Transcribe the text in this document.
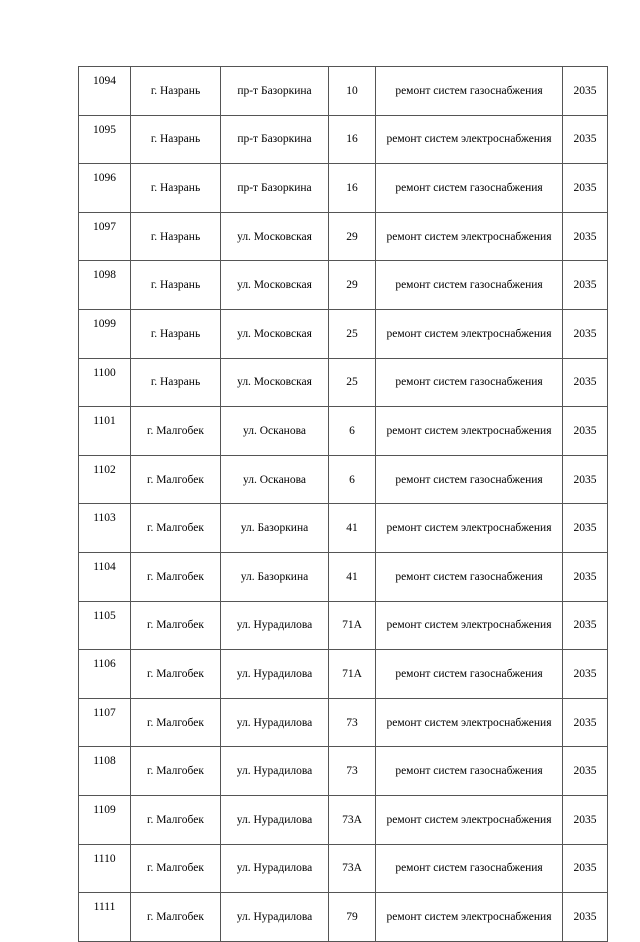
1094	г. Назрань	пр-т Базоркина	10	ремонт систем газоснабжения	2035
1095	г. Назрань	пр-т Базоркина	16	ремонт систем электроснабжения	2035
1096	г. Назрань	пр-т Базоркина	16	ремонт систем газоснабжения	2035
1097	г. Назрань	ул. Московская	29	ремонт систем электроснабжения	2035
1098	г. Назрань	ул. Московская	29	ремонт систем газоснабжения	2035
1099	г. Назрань	ул. Московская	25	ремонт систем электроснабжения	2035
1100	г. Назрань	ул. Московская	25	ремонт систем газоснабжения	2035
1101	г. Малгобек	ул. Осканова	6	ремонт систем электроснабжения	2035
1102	г. Малгобек	ул. Осканова	6	ремонт систем газоснабжения	2035
1103	г. Малгобек	ул. Базоркина	41	ремонт систем электроснабжения	2035
1104	г. Малгобек	ул. Базоркина	41	ремонт систем газоснабжения	2035
1105	г. Малгобек	ул. Нурадилова	71А	ремонт систем электроснабжения	2035
1106	г. Малгобек	ул. Нурадилова	71А	ремонт систем газоснабжения	2035
1107	г. Малгобек	ул. Нурадилова	73	ремонт систем электроснабжения	2035
1108	г. Малгобек	ул. Нурадилова	73	ремонт систем газоснабжения	2035
1109	г. Малгобек	ул. Нурадилова	73А	ремонт систем электроснабжения	2035
1110	г. Малгобек	ул. Нурадилова	73А	ремонт систем газоснабжения	2035
1111	г. Малгобек	ул. Нурадилова	79	ремонт систем электроснабжения	2035
